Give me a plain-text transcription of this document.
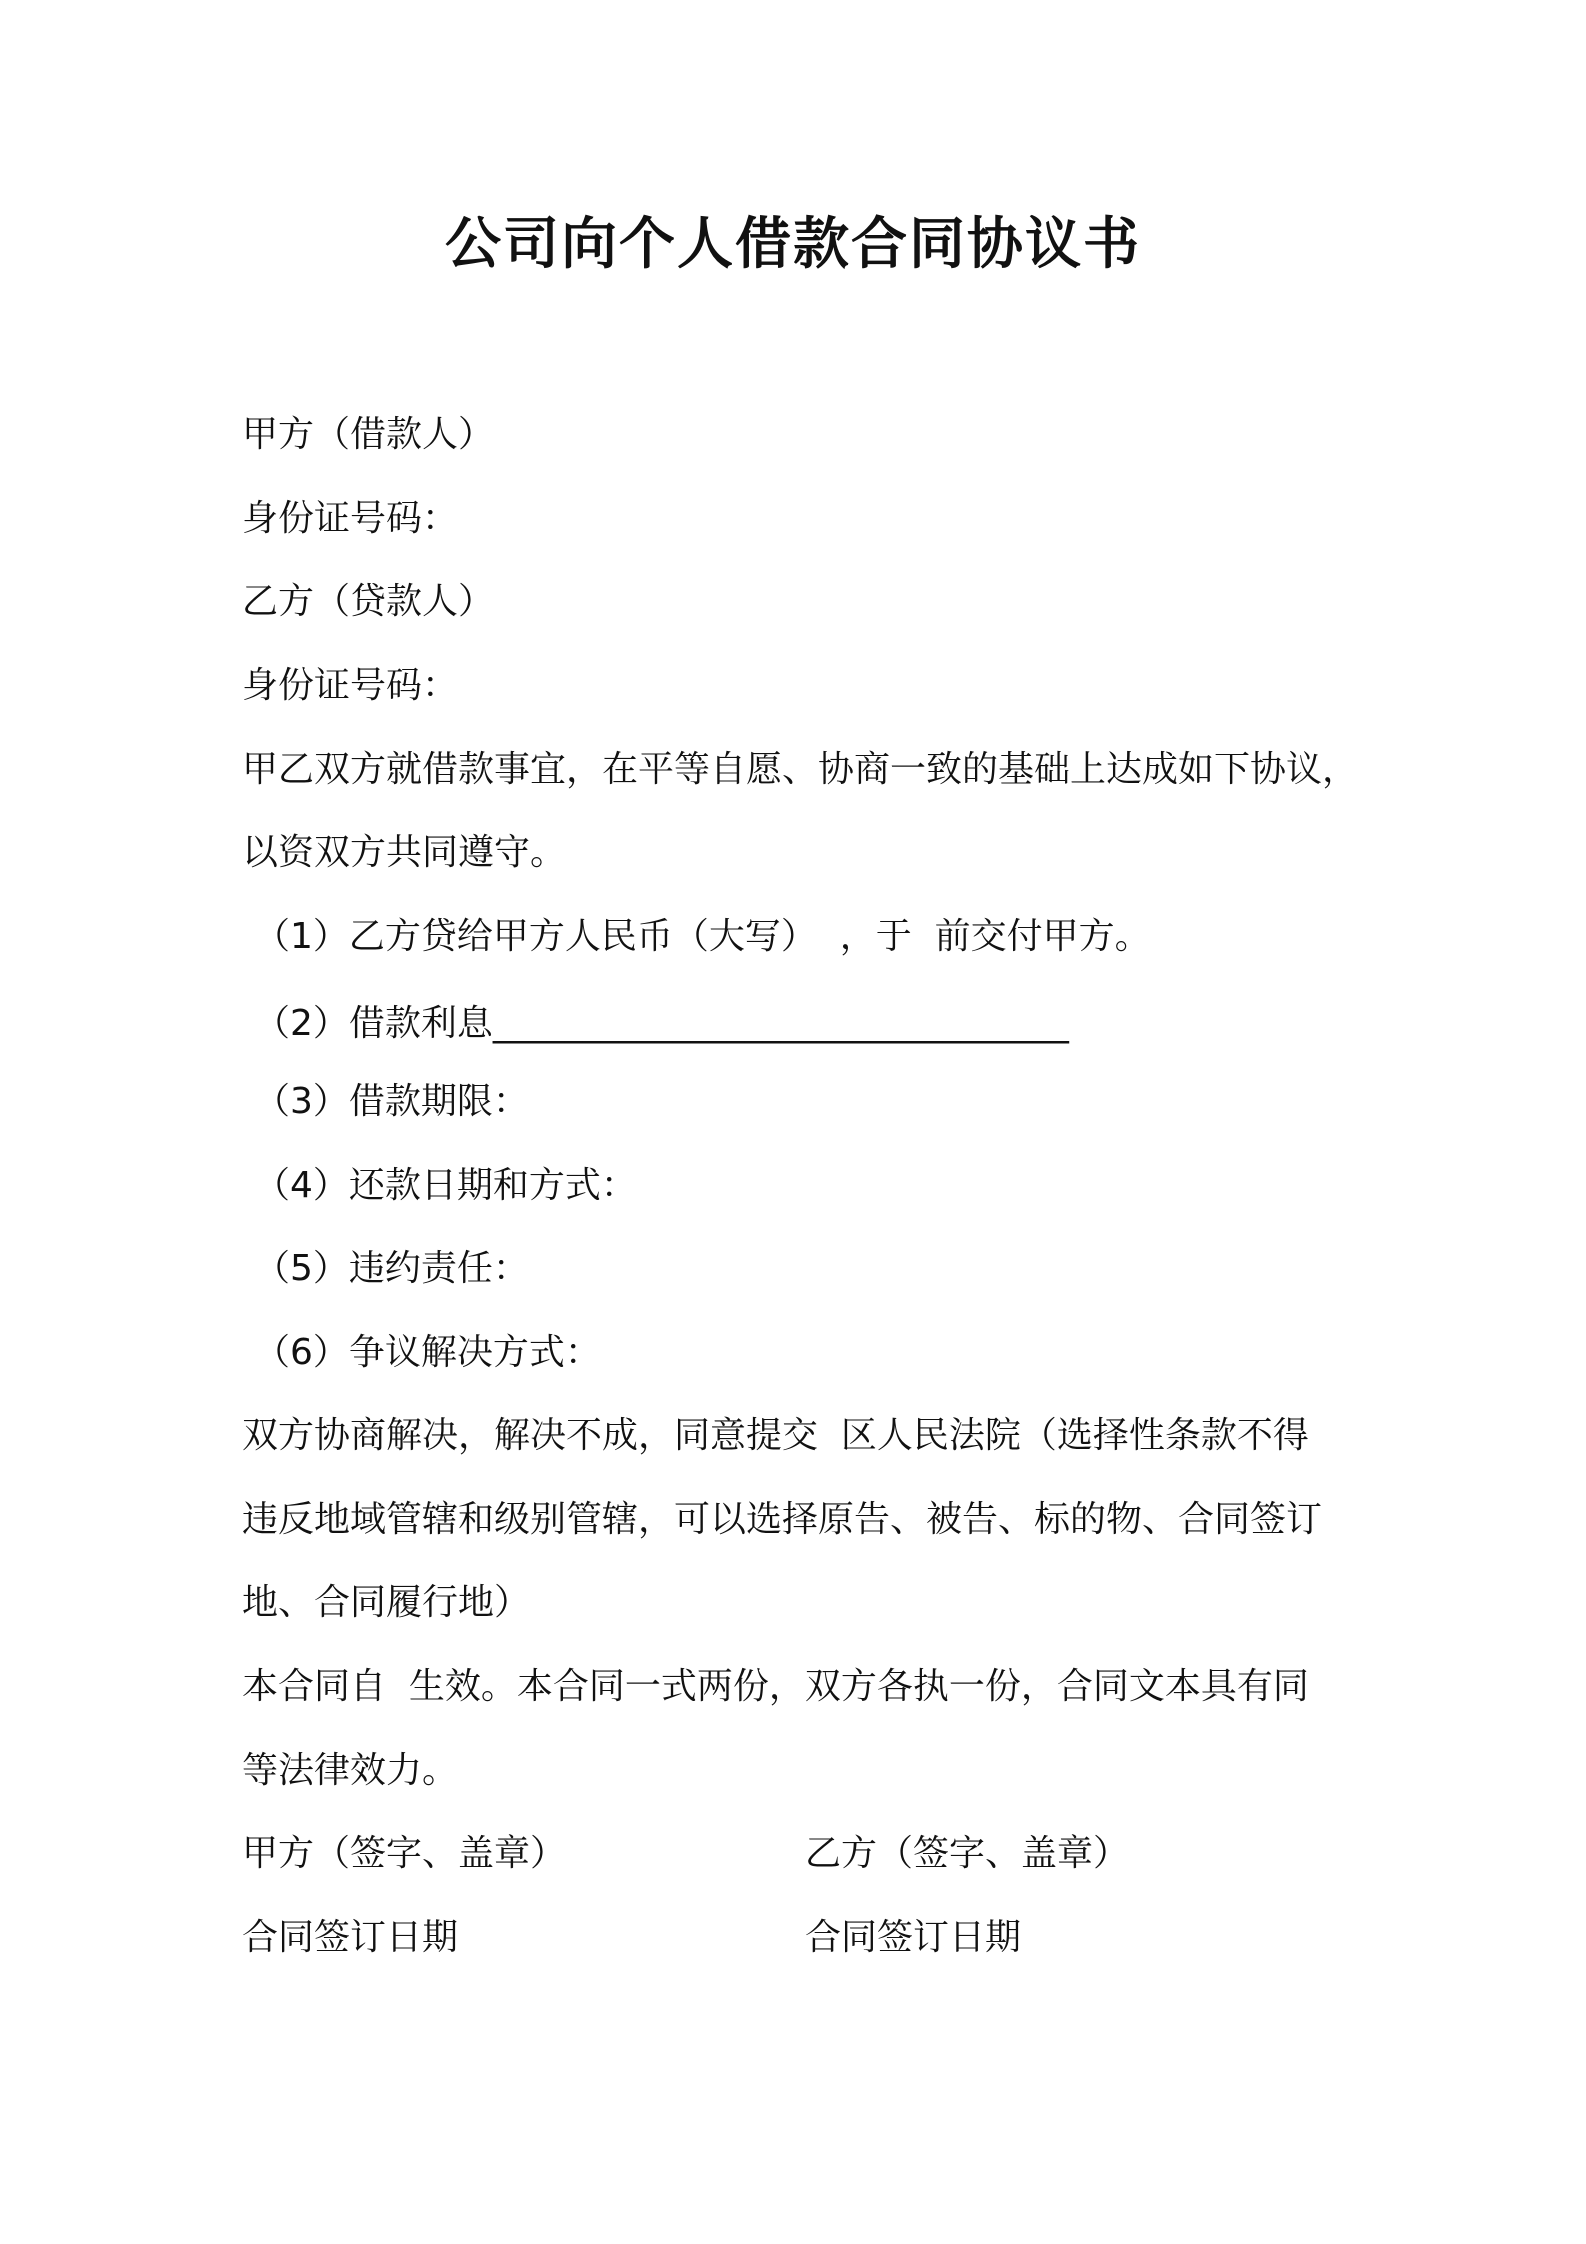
公司向个人借款合同协议书
甲方（借款人）
身份证号码：
乙方（贷款人）
身份证号码：
甲乙双方就借款事宜，在平等自愿、协商一致的基础上达成如下协议，
以资双方共同遵守。
（1）乙方贷给甲方人民币（大写）  ，于  前交付甲方。
（2）借款利息________________________________
（3）借款期限：
（4）还款日期和方式：
（5）违约责任：
（6）争议解决方式：
双方协商解决，解决不成，同意提交  区人民法院（选择性条款不得
违反地域管辖和级别管辖，可以选择原告、被告、标的物、合同签订
地、合同履行地）
本合同自  生效。本合同一式两份，双方各执一份，合同文本具有同
等法律效力。
甲方（签字、盖章）	乙方（签字、盖章）
合同签订日期	合同签订日期
